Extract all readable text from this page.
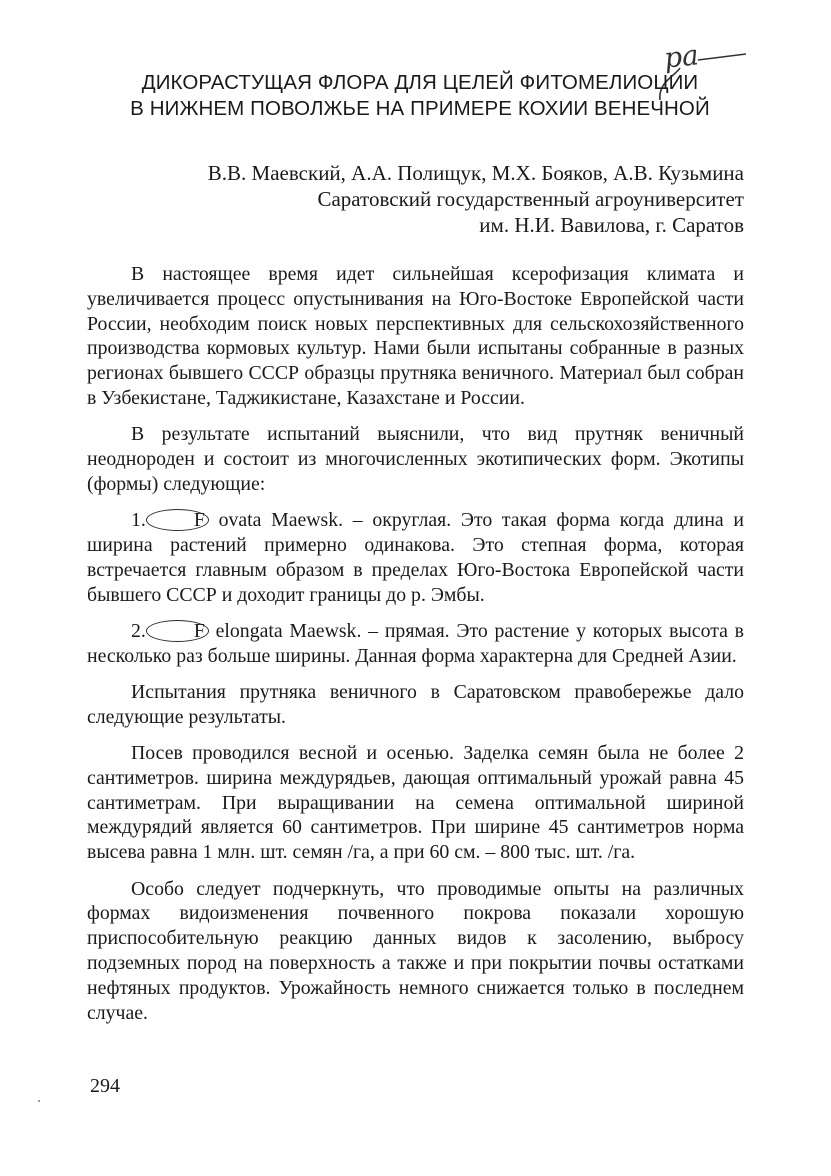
ра
ДИКОРАСТУЩАЯ ФЛОРА ДЛЯ ЦЕЛЕЙ ФИТОМЕЛИОЦИИ
В НИЖНЕМ ПОВОЛЖЬЕ НА ПРИМЕРЕ КОХИИ ВЕНЕЧНОЙ
В.В. Маевский, А.А. Полищук, М.Х. Бояков, А.В. Кузьмина
Саратовский государственный агроуниверситет
им. Н.И. Вавилова, г. Саратов

В настоящее время идет сильнейшая ксерофизация климата и увеличивается процесс опустынивания на Юго-Востоке Европейской части России, необходим поиск новых перспективных для сельскохозяйственного производства кормовых культур. Нами были испытаны собранные в разных регионах бывшего СССР образцы прутняка веничного. Материал был собран в Узбекистане, Таджикистане, Казахстане и России.

В результате испытаний выяснили, что вид прутняк веничный неоднороден и состоит из многочисленных экотипических форм. Экотипы (формы) следующие:

1. F ovata Maewsk. – округлая. Это такая форма когда длина и ширина растений примерно одинакова. Это степная форма, которая встречается главным образом в пределах Юго-Востока Европейской части бывшего СССР и доходит границы до р. Эмбы.

2. F elongata Maewsk. – прямая. Это растение у которых высота в несколько раз больше ширины. Данная форма характерна для Средней Азии.

Испытания прутняка веничного в Саратовском правобережье дало следующие результаты.

Посев проводился весной и осенью. Заделка семян была не более 2 сантиметров. ширина междурядьев, дающая оптимальный урожай равна 45 сантиметрам. При выращивании на семена оптимальной шириной междурядий является 60 сантиметров. При ширине 45 сантиметров норма высева равна 1 млн. шт. семян /га, а при 60 см. – 800 тыс. шт. /га.

Особо следует подчеркнуть, что проводимые опыты на различных формах видоизменения почвенного покрова показали хорошую приспособительную реакцию данных видов к засолению, выбросу подземных пород на поверхность а также и при покрытии почвы остатками нефтяных продуктов. Урожайность немного снижается только в последнем случае.

294
